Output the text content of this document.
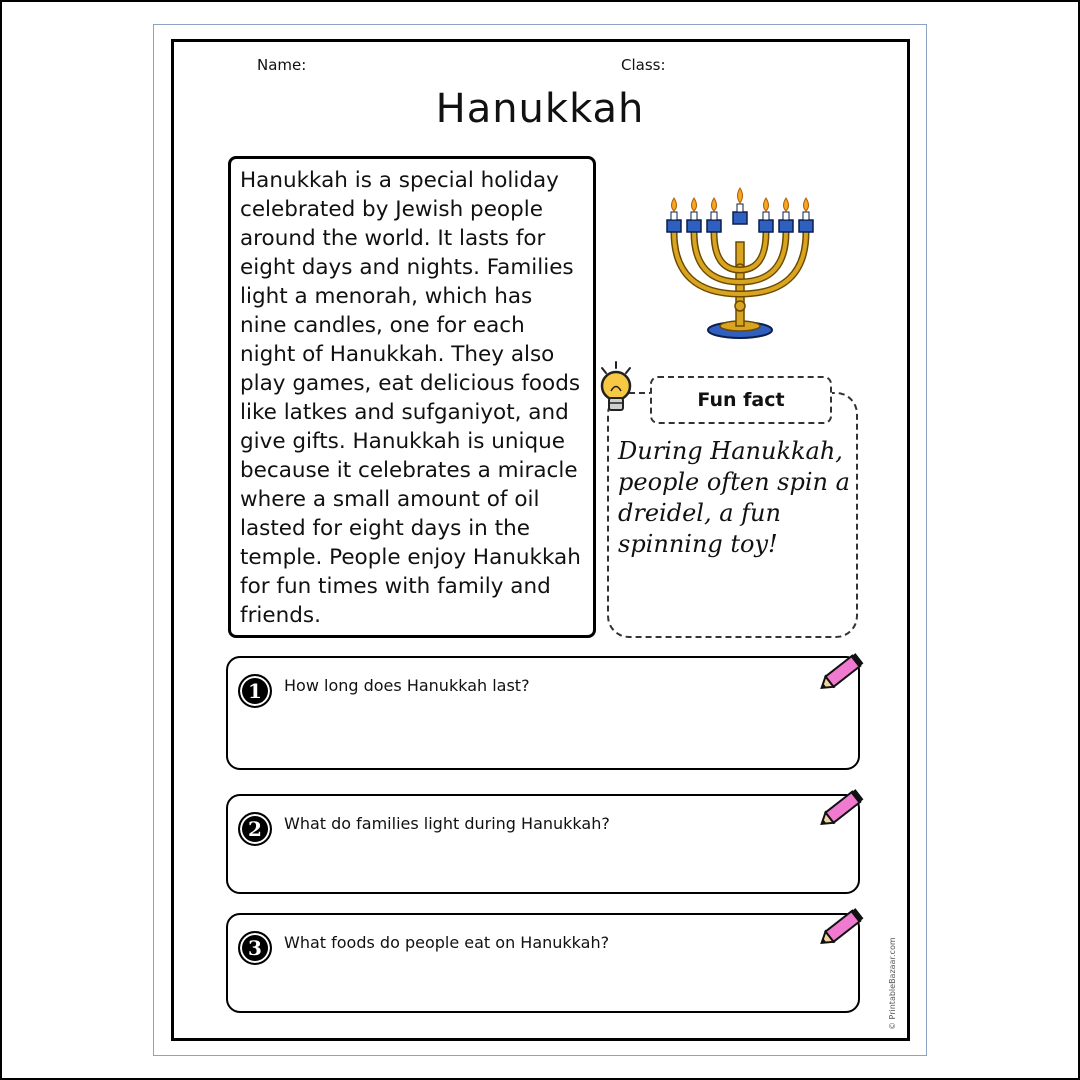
Name:	Class:
Hanukkah
Hanukkah is a special holiday celebrated by Jewish people around the world. It lasts for eight days and nights. Families light a menorah, which has nine candles, one for each night of Hanukkah. They also play games, eat delicious foods like latkes and sufganiyot, and give gifts. Hanukkah is unique because it celebrates a miracle where a small amount of oil lasted for eight days in the temple. People enjoy Hanukkah for fun times with family and friends.
Fun fact
During Hanukkah, people often spin a dreidel, a fun spinning toy!
1	How long does Hanukkah last?
2	What do families light during Hanukkah?
3	What foods do people eat on Hanukkah?	© PrintableBazaar.com
